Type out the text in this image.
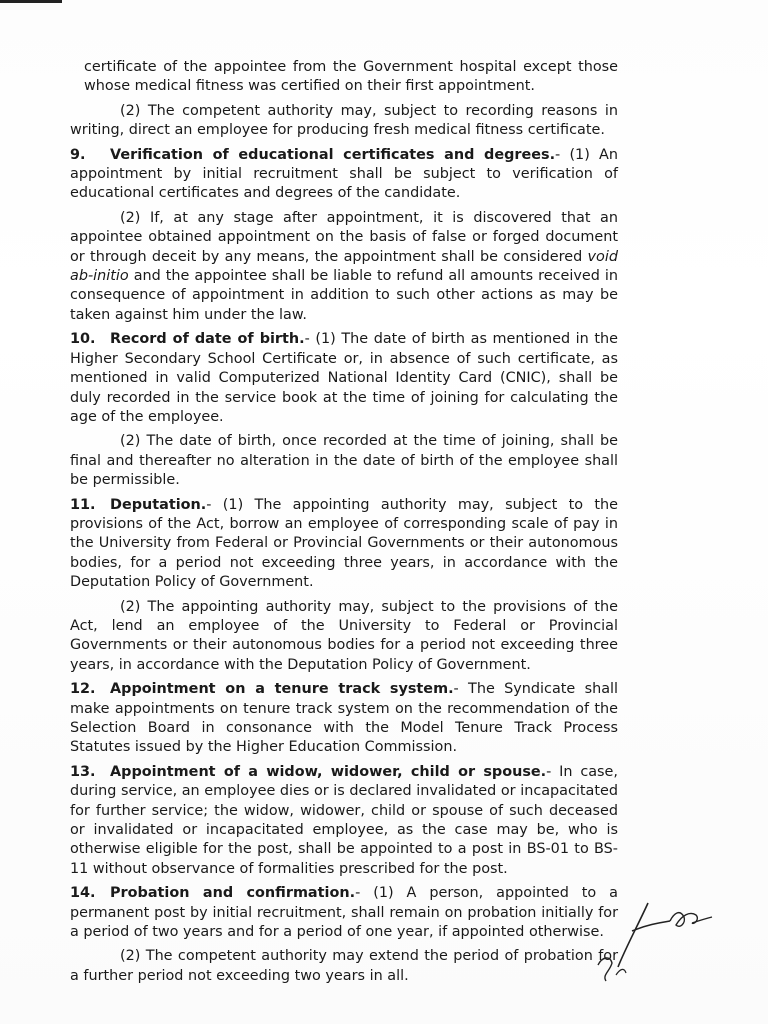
certificate of the appointee from the Government hospital except those whose medical fitness was certified on their first appointment.

(2) The competent authority may, subject to recording reasons in writing, direct an employee for producing fresh medical fitness certificate.

9. Verification of educational certificates and degrees.- (1) An appointment by initial recruitment shall be subject to verification of educational certificates and degrees of the candidate.

(2) If, at any stage after appointment, it is discovered that an appointee obtained appointment on the basis of false or forged document or through deceit by any means, the appointment shall be considered void ab-initio and the appointee shall be liable to refund all amounts received in consequence of appointment in addition to such other actions as may be taken against him under the law.

10. Record of date of birth.- (1) The date of birth as mentioned in the Higher Secondary School Certificate or, in absence of such certificate, as mentioned in valid Computerized National Identity Card (CNIC), shall be duly recorded in the service book at the time of joining for calculating the age of the employee.

(2) The date of birth, once recorded at the time of joining, shall be final and thereafter no alteration in the date of birth of the employee shall be permissible.

11. Deputation.- (1) The appointing authority may, subject to the provisions of the Act, borrow an employee of corresponding scale of pay in the University from Federal or Provincial Governments or their autonomous bodies, for a period not exceeding three years, in accordance with the Deputation Policy of Government.

(2) The appointing authority may, subject to the provisions of the Act, lend an employee of the University to Federal or Provincial Governments or their autonomous bodies for a period not exceeding three years, in accordance with the Deputation Policy of Government.

12. Appointment on a tenure track system.- The Syndicate shall make appointments on tenure track system on the recommendation of the Selection Board in consonance with the Model Tenure Track Process Statutes issued by the Higher Education Commission.

13. Appointment of a widow, widower, child or spouse.- In case, during service, an employee dies or is declared invalidated or incapacitated for further service; the widow, widower, child or spouse of such deceased or invalidated or incapacitated employee, as the case may be, who is otherwise eligible for the post, shall be appointed to a post in BS-01 to BS-11 without observance of formalities prescribed for the post.

14. Probation and confirmation.- (1) A person, appointed to a permanent post by initial recruitment, shall remain on probation initially for a period of two years and for a period of one year, if appointed otherwise.

(2) The competent authority may extend the period of probation for a further period not exceeding two years in all.
